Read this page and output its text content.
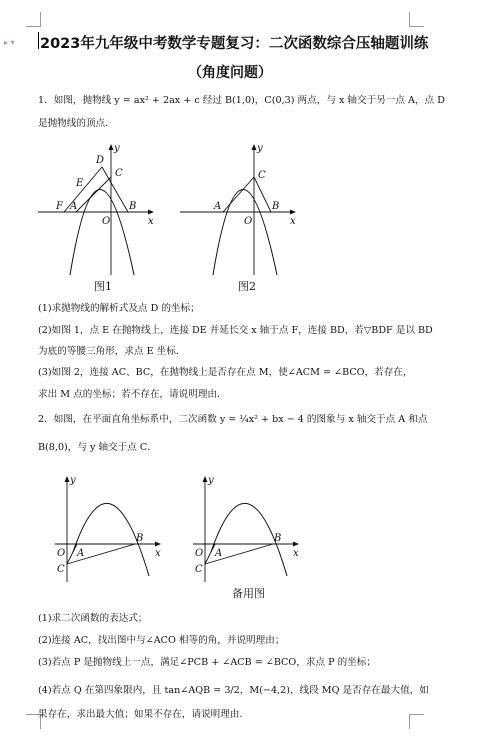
▸ ▾ 2023年九年级中考数学专题复习：二次函数综合压轴题训练
（角度问题）
1．如图，抛物线 y = ax² + 2ax + c 经过 B(1,0)，C(0,3) 两点，与 x 轴交于另一点 A，点 D
是抛物线的顶点．
y
x
O
D
E
F A
C
B
图1
y
x
O
A
C
B
图2
(1)求抛物线的解析式及点 D 的坐标；
(2)如图 1，点 E 在抛物线上，连接 DE 并延长交 x 轴于点 F，连接 BD，若▽BDF 是以 BD
为底的等腰三角形，求点 E 坐标．
(3)如图 2，连接 AC、BC，在抛物线上是否存在点 M，使∠ACM = ∠BCO，若存在，
求出 M 点的坐标；若不存在，请说明理由．
2．如图，在平面直角坐标系中，二次函数 y = ¼x² + bx − 4 的图象与 x 轴交于点 A 和点
B(8,0)，与 y 轴交于点 C．
y
x
O A
B
C
y
x
O A
B
C
备用图
(1)求二次函数的表达式；
(2)连接 AC，找出图中与∠ACO 相等的角，并说明理由；
(3)若点 P 是抛物线上一点，满足∠PCB + ∠ACB = ∠BCO，求点 P 的坐标；
(4)若点 Q 在第四象限内，且 tan∠AQB = 3/2，M(−4,2)，线段 MQ 是否存在最大值，如
果存在，求出最大值；如果不存在，请说明理由．
